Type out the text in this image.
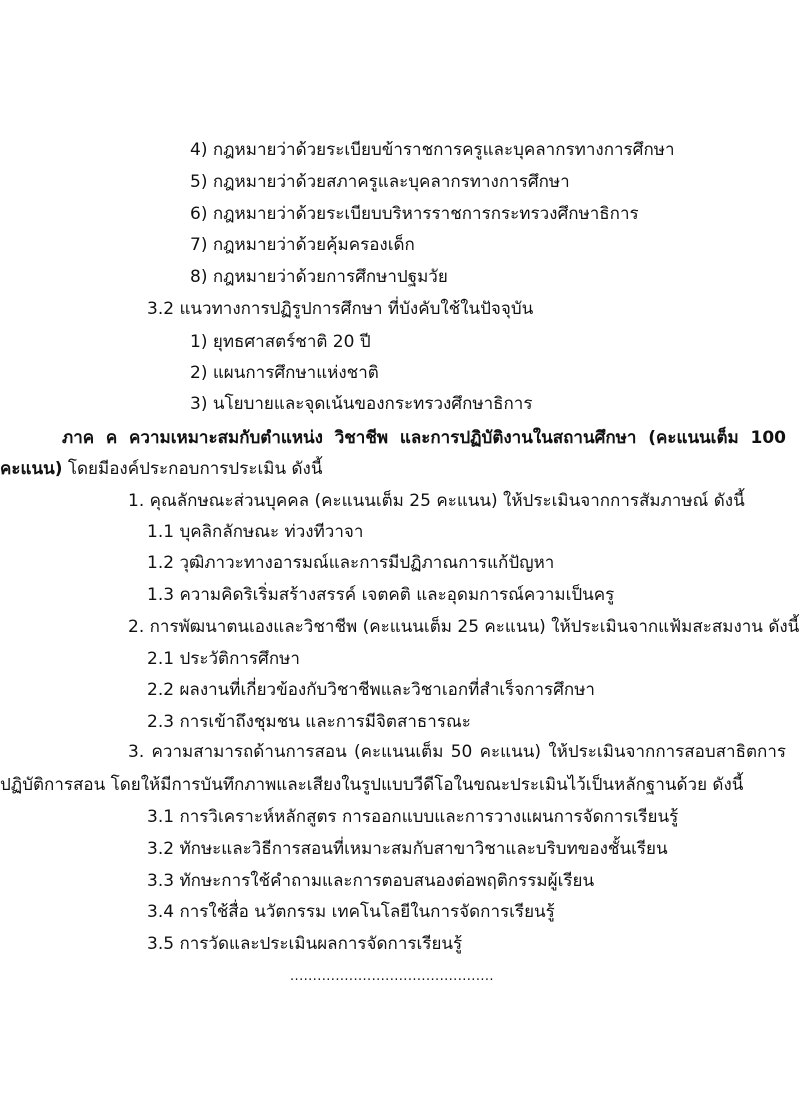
4) กฎหมายว่าด้วยระเบียบข้าราชการครูและบุคลากรทางการศึกษา
5) กฎหมายว่าด้วยสภาครูและบุคลากรทางการศึกษา
6) กฎหมายว่าด้วยระเบียบบริหารราชการกระทรวงศึกษาธิการ
7) กฎหมายว่าด้วยคุ้มครองเด็ก
8) กฎหมายว่าด้วยการศึกษาปฐมวัย
3.2 แนวทางการปฏิรูปการศึกษา ที่บังคับใช้ในปัจจุบัน
1) ยุทธศาสตร์ชาติ 20 ปี
2) แผนการศึกษาแห่งชาติ
3) นโยบายและจุดเน้นของกระทรวงศึกษาธิการ
ภาค ค ความเหมาะสมกับตำแหน่ง วิชาชีพ และการปฏิบัติงานในสถานศึกษา (คะแนนเต็ม 100
คะแนน) โดยมีองค์ประกอบการประเมิน ดังนี้
1. คุณลักษณะส่วนบุคคล (คะแนนเต็ม 25 คะแนน) ให้ประเมินจากการสัมภาษณ์ ดังนี้
1.1 บุคลิกลักษณะ ท่วงทีวาจา
1.2 วุฒิภาวะทางอารมณ์และการมีปฏิภาณการแก้ปัญหา
1.3 ความคิดริเริ่มสร้างสรรค์ เจตคติ และอุดมการณ์ความเป็นครู
2. การพัฒนาตนเองและวิชาชีพ (คะแนนเต็ม 25 คะแนน) ให้ประเมินจากแฟ้มสะสมงาน ดังนี้
2.1 ประวัติการศึกษา
2.2 ผลงานที่เกี่ยวข้องกับวิชาชีพและวิชาเอกที่สำเร็จการศึกษา
2.3 การเข้าถึงชุมชน และการมีจิตสาธารณะ
3. ความสามารถด้านการสอน (คะแนนเต็ม 50 คะแนน) ให้ประเมินจากการสอบสาธิตการ
ปฏิบัติการสอน โดยให้มีการบันทึกภาพและเสียงในรูปแบบวีดีโอในขณะประเมินไว้เป็นหลักฐานด้วย ดังนี้
3.1 การวิเคราะห์หลักสูตร การออกแบบและการวางแผนการจัดการเรียนรู้
3.2 ทักษะและวิธีการสอนที่เหมาะสมกับสาขาวิชาและบริบทของชั้นเรียน
3.3 ทักษะการใช้คำถามและการตอบสนองต่อพฤติกรรมผู้เรียน
3.4 การใช้สื่อ นวัตกรรม เทคโนโลยีในการจัดการเรียนรู้
3.5 การวัดและประเมินผลการจัดการเรียนรู้
.............................................
